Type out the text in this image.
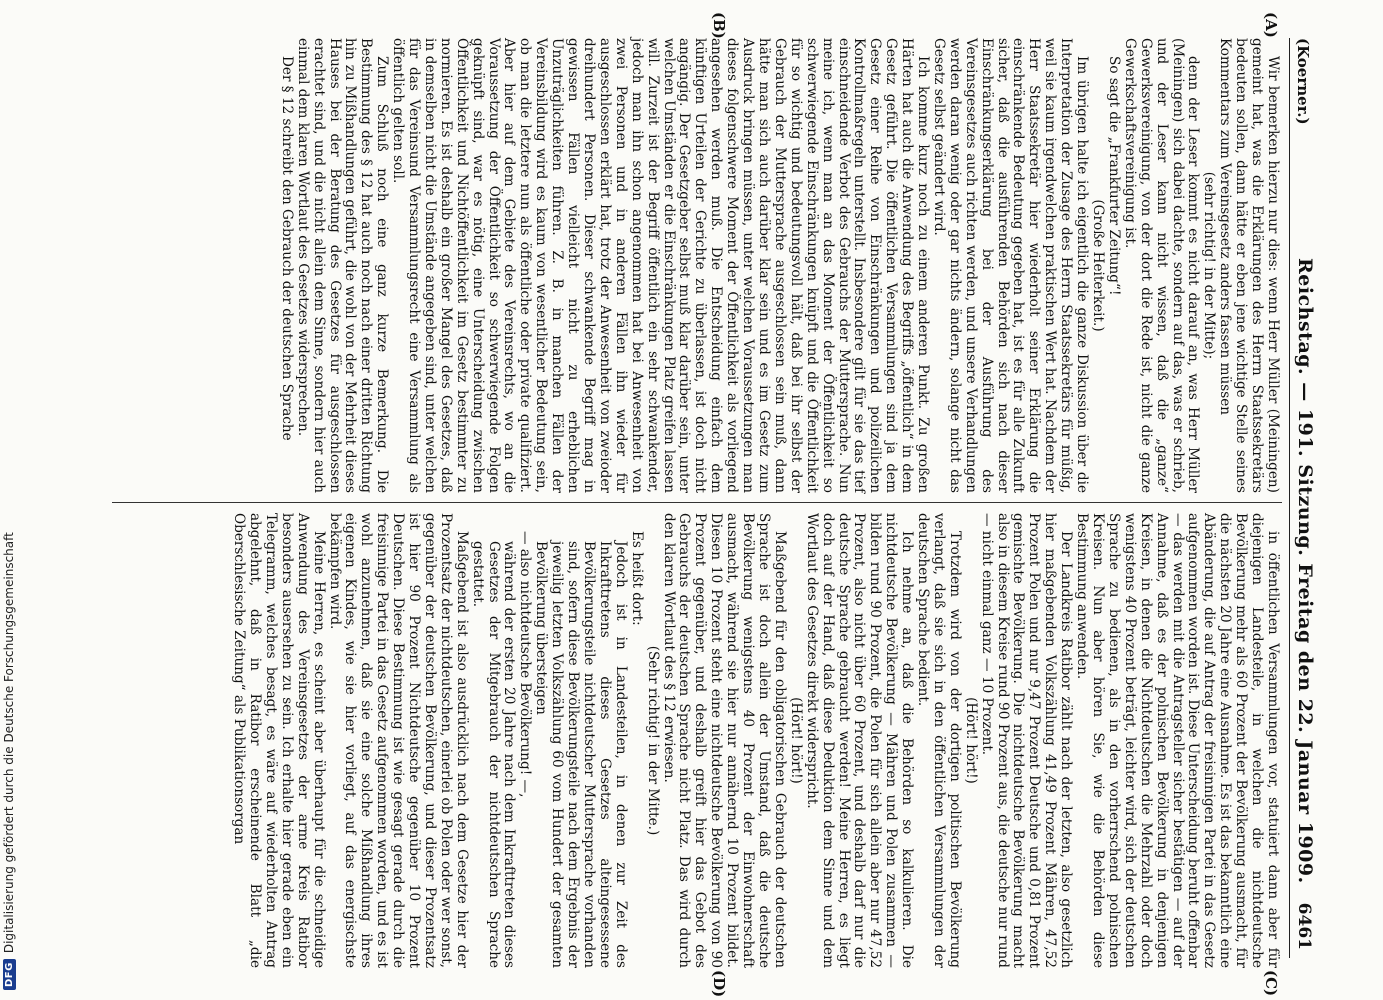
(Koerner.)
Reichstag. — 191. Sitzung. Freitag den 22. Januar 1909.
6461
(A)
(B)
(C)
(D)

Wir bemerken hierzu nur dies: wenn Herr Müller (Meiningen) gemeint hat, was die Erklärungen des Herrn Staatssekretärs bedeuten sollen, dann hätte er eben jene wichtige Stelle seines Kommentars zum Vereinsgesetz anders fassen müssen

(sehr richtig! in der Mitte);

denn der Leser kommt es nicht darauf an, was Herr Müller (Meiningen) sich dabei dachte, sondern auf das, was er schrieb, und der Leser kann nicht wissen, daß die „ganze“ Gewerksvereinigung, von der dort die Rede ist, nicht die ganze Gewerkschaftsvereinigung ist.

So sagt die „Frankfurter Zeitung“!

(Große Heiterkeit.)

Im übrigen halte ich eigentlich die ganze Diskussion über die Interpretation der Zusage des Herrn Staatssekretärs für müßig, weil sie kaum irgendwelchen praktischen Wert hat. Nachdem der Herr Staatssekretär hier wiederholt seiner Erklärung die einschränkende Bedeutung gegeben hat, ist es für alle Zukunft sicher, daß die ausführenden Behörden sich nach dieser Einschränkungserklärung bei der Ausführung des Vereinsgesetzes auch richten werden, und unsere Verhandlungen werden daran wenig oder gar nichts ändern, solange nicht das Gesetz selbst geändert wird.

Ich komme kurz noch zu einem anderen Punkt. Zu großen Härten hat auch die Anwendung des Begriffs „öffentlich“ in dem Gesetz geführt. Die öffentlichen Versammlungen sind ja dem Gesetz einer Reihe von Einschränkungen und polizeilichen Kontrollmaßregeln unterstellt. Insbesondere gilt für sie das tief einschneidende Verbot des Gebrauchs der Muttersprache. Nun meine ich, wenn man an das Moment der Öffentlichkeit so schwerwiegende Einschränkungen knüpft und die Öffentlichkeit für so wichtig und bedeutungsvoll hält, daß bei ihr selbst der Gebrauch der Muttersprache ausgeschlossen sein muß, dann hätte man sich auch darüber klar sein und es im Gesetz zum Ausdruck bringen müssen, unter welchen Voraussetzungen man dieses folgenschwere Moment der Öffentlichkeit als vorliegend angesehen werden muß. Die Entscheidung einfach dem künftigen Urteilen der Gerichte zu überlassen, ist doch nicht angängig. Der Gesetzgeber selbst muß klar darüber sein, unter welchen Umständen er die Einschränkungen Platz greifen lassen will. Zurzeit ist der Begriff öffentlich ein sehr schwankender, jedoch man ihn schon angenommen hat bei Anwesenheit von zwei Personen und in anderen Fällen ihn wieder für ausgeschlossen erklärt hat, trotz der Anwesenheit von zweioder dreihundert Personen. Dieser schwankende Begriff mag in gewissen Fällen vielleicht nicht zu erheblichen Unzuträglichkeiten führen. Z. B. in manchen Fällen der Vereinsbildung wird es kaum von wesentlicher Bedeutung sein, ob man die letztere nun als öffentliche oder private qualifiziert. Aber hier auf dem Gebiete des Vereinsrechts, wo an die Voraussetzung der Öffentlichkeit so schwerwiegende Folgen geknüpft sind, war es nötig, eine Unterscheidung zwischen Öffentlichkeit und Nichtöffentlichkeit im Gesetz bestimmter zu normieren. Es ist deshalb ein großer Mangel des Gesetzes, daß in demselben nicht die Umstände angegeben sind, unter welchen für das Vereinsund Versammlungsrecht eine Versammlung als öffentlich gelten soll.

Zum Schluß noch eine ganz kurze Bemerkung. Die Bestimmung des § 12 hat auch noch nach einer dritten Richtung hin zu Mißhandlungen geführt, die wohl von der Mehrheit dieses Hauses bei der Beratung des Gesetzes für ausgeschlossen erachtet sind, und die nicht allein dem Sinne, sondern hier auch einmal dem klaren Wortlaut des Gesetzes widersprechen.

Der § 12 schreibt den Gebrauch der deutschen Sprache

in öffentlichen Versammlungen vor, statuiert dann aber für diejenigen Landesteile, in welchen die nichtdeutsche Bevölkerung mehr als 60 Prozent der Bevölkerung ausmacht, für die nächsten 20 Jahre eine Ausnahme. Es ist das bekanntlich eine Abänderung, die auf Antrag der freisinnigen Partei in das Gesetz aufgenommen worden ist. Diese Unterscheidung beruht offenbar — das werden mit die Antragsteller sicher bestätigen — auf der Annahme, daß es der polnischen Bevölkerung in denjenigen Kreisen, in denen die Nichtdeutschen die Mehrzahl oder doch wenigstens 40 Prozent beträgt, leichter wird, sich der deutschen Sprache zu bedienen, als in den vorherrschend polnischen Kreisen. Nun aber hören Sie, wie die Behörden diese Bestimmung anwenden.

Der Landkreis Ratibor zählt nach der letzten, also gesetzlich hier maßgebenden Volkszählung 41,49 Prozent Mähren, 47,52 Prozent Polen und nur 9,47 Prozent Deutsche und 0,81 Prozent gemischte Bevölkerung. Die nichtdeutsche Bevölkerung macht also in diesem Kreise rund 90 Prozent aus, die deutsche nur rund — nicht einmal ganz — 10 Prozent.

(Hört! hört!)

Trotzdem wird von der dortigen politischen Bevölkerung verlangt, daß sie sich in den öffentlichen Versammlungen der deutschen Sprache bedient.

Ich nehme an, daß die Behörden so kalkulieren. Die nichtdeutsche Bevölkerung — Mähren und Polen zusammen — bilden rund 90 Prozent, die Polen für sich allein aber nur 47,52 Prozent, also nicht über 60 Prozent, und deshalb darf nur die deutsche Sprache gebraucht werden! Meine Herren, es liegt doch auf der Hand, daß diese Deduktion dem Sinne und dem Wortlaut des Gesetzes direkt widerspricht.

(Hört! hört!)

Maßgebend für den obligatorischen Gebrauch der deutschen Sprache ist doch allein der Umstand, daß die deutsche Bevölkerung wenigstens 40 Prozent der Einwohnerschaft ausmacht, während sie hier nur annähernd 10 Prozent bildet. Diesen 10 Prozent steht eine nichtdeutsche Bevölkerung von 90 Prozent gegenüber, und deshalb greift hier das Gebot des Gebrauchs der deutschen Sprache nicht Platz. Das wird durch den klaren Wortlaut des § 12 erwiesen.

(Sehr richtig! in der Mitte.)

Es heißt dort:

Jedoch ist in Landesteilen, in denen zur Zeit des Inkrafttretens dieses Gesetzes alteingesessene Bevölkerungsteile nichtdeutscher Muttersprache vorhanden sind, sofern diese Bevölkerungsteile nach dem Ergebnis der jeweilig letzten Volkszählung 60 vom Hundert der gesamten Bevölkerung übersteigen

— also nichtdeutsche Bevölkerung! —,

während der ersten 20 Jahre nach dem Inkrafttreten dieses Gesetzes der Mitgebrauch der nichtdeutschen Sprache gestattet.

Maßgebend ist also ausdrücklich nach dem Gesetze hier der Prozentsatz der nichtdeutschen, einerlei ob Polen oder wer sonst, gegenüber der deutschen Bevölkerung, und dieser Prozentsatz ist hier 90 Prozent Nichtdeutsche gegenüber 10 Prozent Deutschen. Diese Bestimmung ist wie gesagt gerade durch die freisinnige Partei in das Gesetz aufgenommen worden, und es ist wohl anzunehmen, daß sie eine solche Mißhandlung ihres eigenen Kindes, wie sie hier vorliegt, auf das energischste bekämpfen wird.

Meine Herren, es scheint aber überhaupt für die schneidige Anwendung des Vereinsgesetzes der arme Kreis Ratibor besonders ausersehen zu sein. Ich erhalte hier gerade eben ein Telegramm, welches besagt, es wäre auf wiederholten Antrag abgelehnt, daß in Ratibor erscheinende Blatt „die Oberschlesische Zeitung“ als Publikationsorgan

DFG
Digitalisierung gefördert durch die Deutsche Forschungsgemeinschaft
